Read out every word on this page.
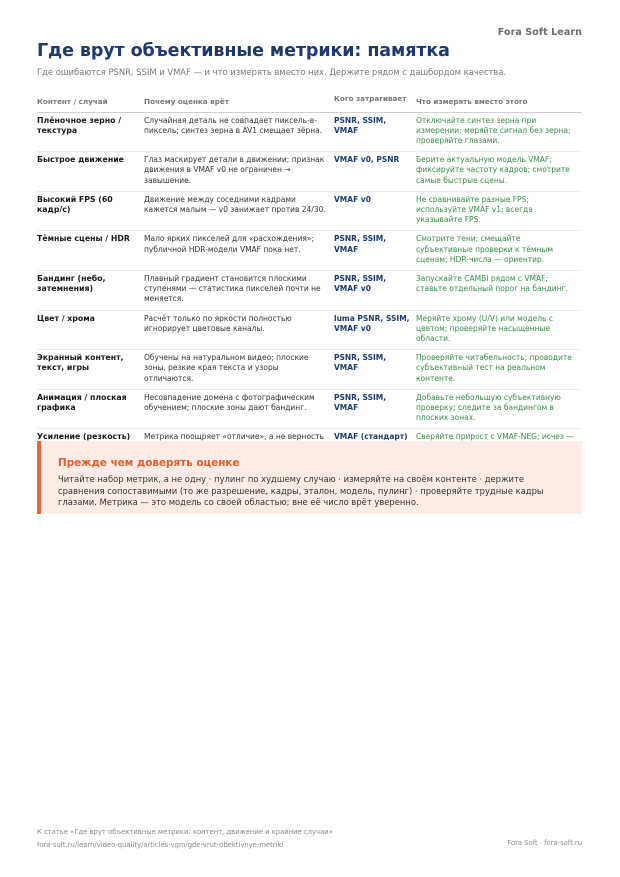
Fora Soft Learn
Где врут объективные метрики: памятка
Где ошибаются PSNR, SSIM и VMAF — и что измерять вместо них. Держите рядом с дашбордом качества.
Контент / случай	Почему оценка врёт	Кого затрагивает	Что измерять вместо этого
Плёночное зерно / текстура	Случайная деталь не совпадает пиксель-в-пиксель; синтез зерна в AV1 смещает зёрна.	PSNR, SSIM, VMAF	Отключайте синтез зерна при измерении; меряйте сигнал без зерна; проверяйте глазами.
Быстрое движение	Глаз маскирует детали в движении; признак движения в VMAF v0 не ограничен → завышение.	VMAF v0, PSNR	Берите актуальную модель VMAF; фиксируйте частоту кадров; смотрите самые быстрые сцены.
Высокий FPS (60 кадр/с)	Движение между соседними кадрами кажется малым — v0 занижает против 24/30.	VMAF v0	Не сравнивайте разные FPS; используйте VMAF v1; всегда указывайте FPS.
Тёмные сцены / HDR	Мало ярких пикселей для «расхождения»; публичной HDR-модели VMAF пока нет.	PSNR, SSIM, VMAF	Смотрите тени; смещайте субъективные проверки к тёмным сценам; HDR-числа — ориентир.
Бандинг (небо, затемнения)	Плавный градиент становится плоскими ступенями — статистика пикселей почти не меняется.	PSNR, SSIM, VMAF v0	Запускайте CAMBI рядом с VMAF; ставьте отдельный порог на бандинг.
Цвет / хрома	Расчёт только по яркости полностью игнорирует цветовые каналы.	luma PSNR, SSIM, VMAF v0	Меряйте хрому (U/V) или модель с цветом; проверяйте насыщенные области.
Экранный контент, текст, игры	Обучены на натуральном видео; плоские зоны, резкие края текста и узоры отличаются.	PSNR, SSIM, VMAF	Проверяйте читабельность; проводите субъективный тест на реальном контенте.
Анимация / плоская графика	Несовпадение домена с фотографическим обучением; плоские зоны дают бандинг.	PSNR, SSIM, VMAF	Добавьте небольшую субъективную проверку; следите за бандингом в плоских зонах.
Усиление (резкость)	Метрика поощряет «отличие», а не верность	VMAF (стандарт)	Сверяйте прирост с VMAF-NEG; исчез —
Прежде чем доверять оценке
Читайте набор метрик, а не одну · пулинг по худшему случаю · измеряйте на своём контенте · держите сравнения сопоставимыми (то же разрешение, кадры, эталон, модель, пулинг) · проверяйте трудные кадры глазами. Метрика — это модель со своей областью; вне её число врёт уверенно.
К статье «Где врут объективные метрики: контент, движение и крайние случаи»
fora-soft.ru/learn/video-quality/articles-vqm/gde-vrut-obektivnye-metriki	Fora Soft · fora-soft.ru
